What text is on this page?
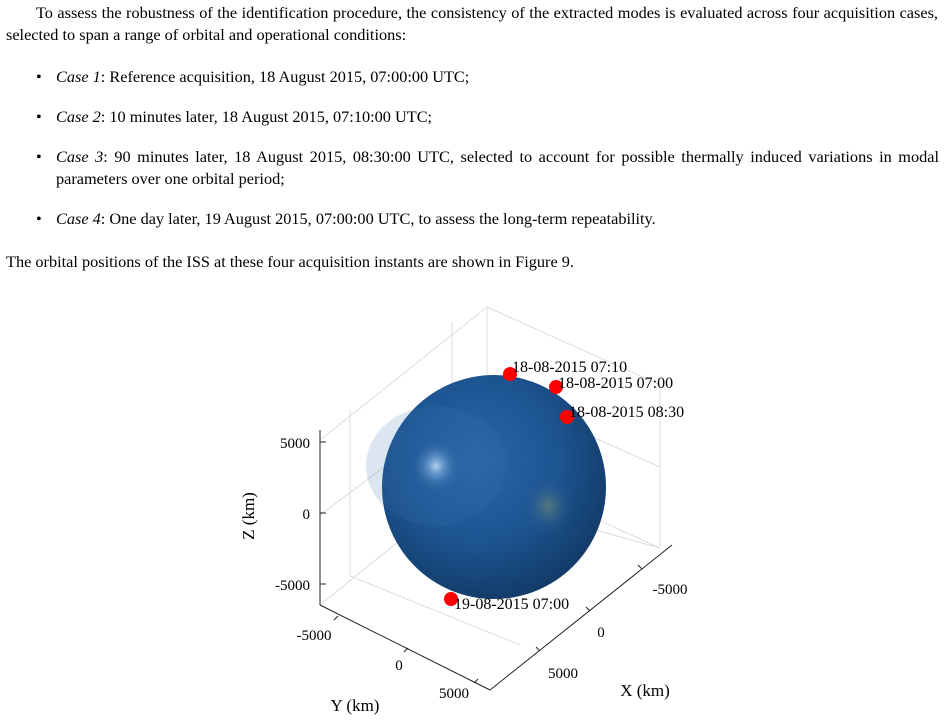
To assess the robustness of the identification procedure, the consistency of the extracted modes is evaluated across four acquisition cases, selected to span a range of orbital and operational conditions:

• Case 1: Reference acquisition, 18 August 2015, 07:00:00 UTC;
• Case 2: 10 minutes later, 18 August 2015, 07:10:00 UTC;
• Case 3: 90 minutes later, 18 August 2015, 08:30:00 UTC, selected to account for possible thermally induced variations in modal parameters over one orbital period;
• Case 4: One day later, 19 August 2015, 07:00:00 UTC, to assess the long-term repeatability.

The orbital positions of the ISS at these four acquisition instants are shown in Figure 9.

5000
0
-5000
Z (km)
-5000
0
5000
Y (km)
-5000
0
5000
X (km)
18-08-2015 07:10
18-08-2015 07:00
18-08-2015 08:30
19-08-2015 07:00
